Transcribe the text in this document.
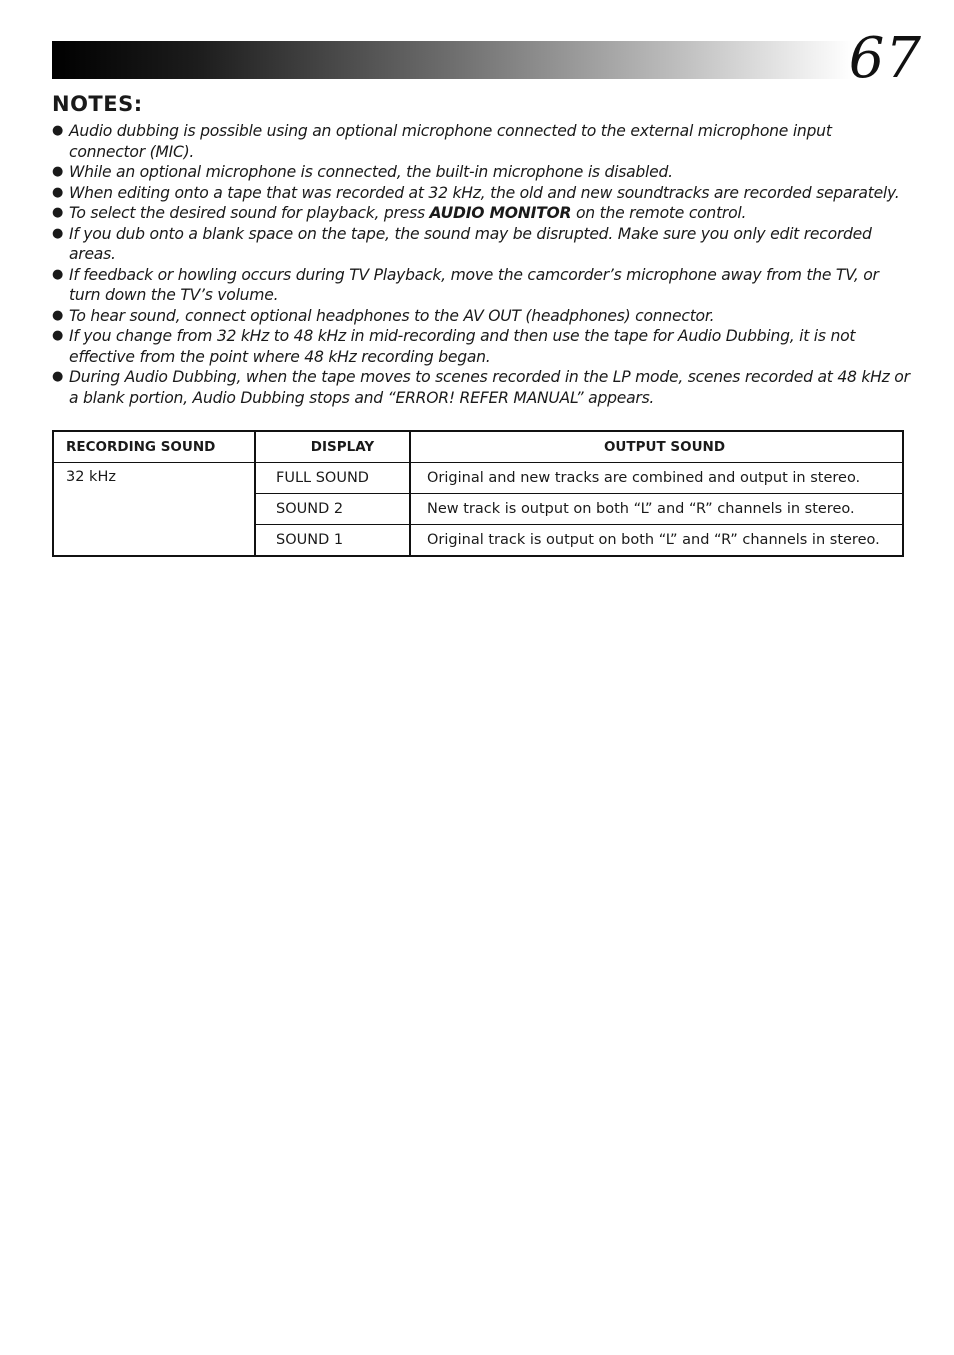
67
NOTES:
● Audio dubbing is possible using an optional microphone connected to the external microphone input connector (MIC).
● While an optional microphone is connected, the built-in microphone is disabled.
● When editing onto a tape that was recorded at 32 kHz, the old and new soundtracks are recorded separately.
● To select the desired sound for playback, press AUDIO MONITOR on the remote control.
● If you dub onto a blank space on the tape, the sound may be disrupted. Make sure you only edit recorded areas.
● If feedback or howling occurs during TV Playback, move the camcorder’s microphone away from the TV, or turn down the TV’s volume.
● To hear sound, connect optional headphones to the AV OUT (headphones) connector.
● If you change from 32 kHz to 48 kHz in mid-recording and then use the tape for Audio Dubbing, it is not effective from the point where 48 kHz recording began.
● During Audio Dubbing, when the tape moves to scenes recorded in the LP mode, scenes recorded at 48 kHz or a blank portion, Audio Dubbing stops and “ERROR! REFER MANUAL” appears.
RECORDING SOUND	DISPLAY	OUTPUT SOUND
32 kHz	FULL SOUND	Original and new tracks are combined and output in stereo.
	SOUND 2	New track is output on both “L” and “R” channels in stereo.
	SOUND 1	Original track is output on both “L” and “R” channels in stereo.
